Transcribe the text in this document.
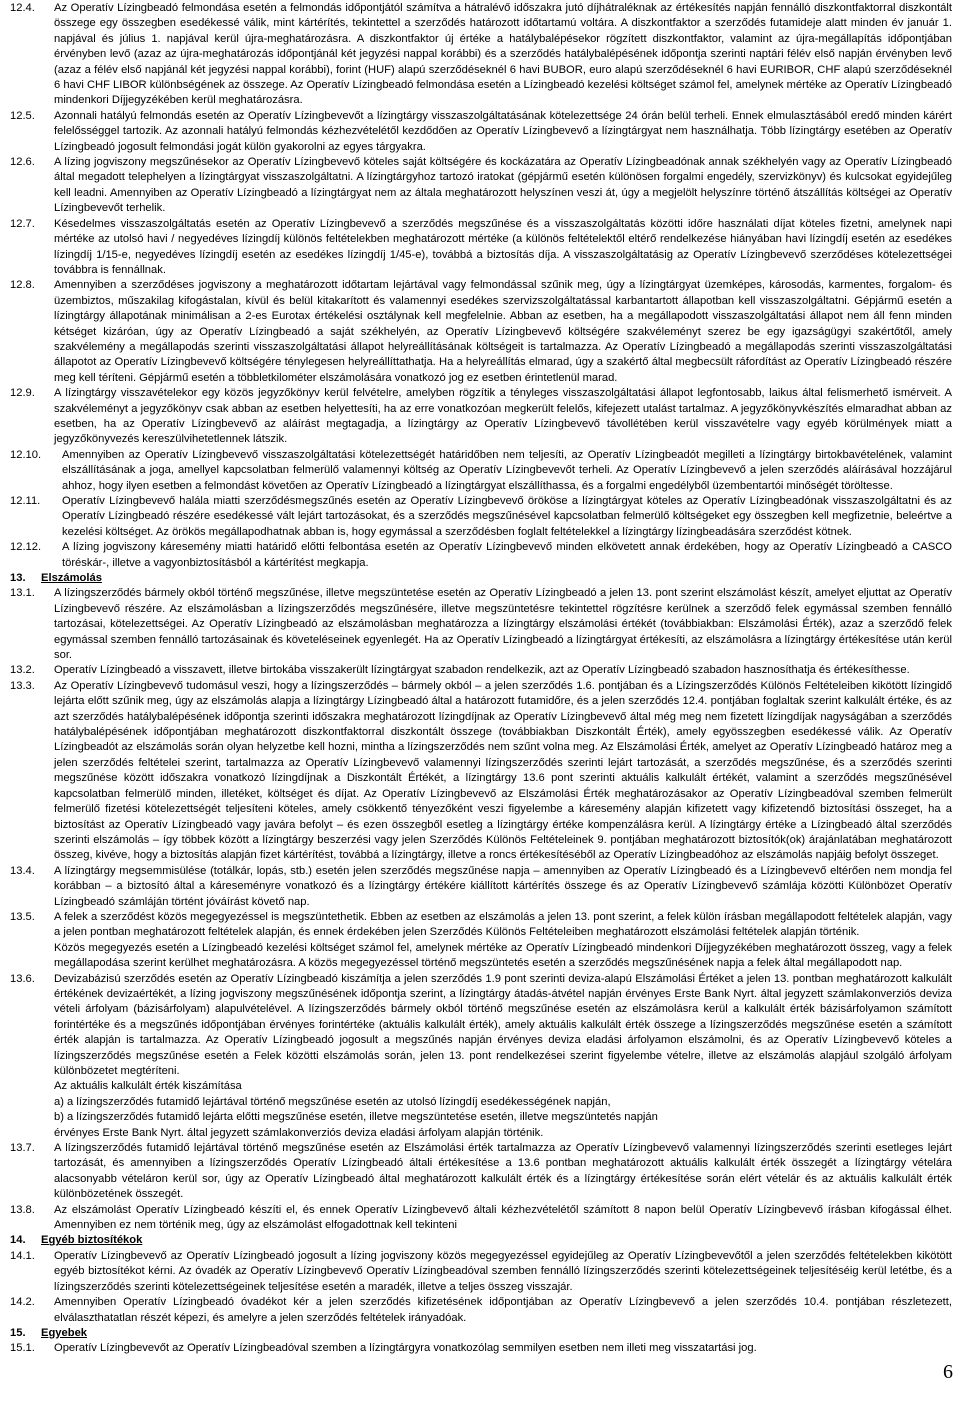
12.4. Az Operatív Lízingbeadó felmondása esetén a felmondás időpontjától számítva a hátralévő időszakra jutó díjhátraléknak az értékesítés napján fennálló diszkontfaktorral diszkontált összege egy összegben esedékessé válik, mint kártérítés, tekintettel a szerződés határozott időtartamú voltára. A diszkontfaktor a szerződés futamideje alatt minden év január 1. napjával és július 1. napjával kerül újra-meghatározásra. A diszkontfaktor új értéke a hatálybalépésekor rögzített diszkontfaktor, valamint az újra-megállapítás időpontjában érvényben levő (azaz az újra-meghatározás időpontjánál két jegyzési nappal korábbi) és a szerződés hatálybalépésének időpontja szerinti naptári félév első napján érvényben levő (azaz a félév első napjánál két jegyzési nappal korábbi), forint (HUF) alapú szerződéseknél 6 havi BUBOR, euro alapú szerződéseknél 6 havi EURIBOR, CHF alapú szerződéseknél 6 havi CHF LIBOR különbségének az összege. Az Operatív Lízingbeadó felmondása esetén a Lízingbeadó kezelési költséget számol fel, amelynek mértéke az Operatív Lízingbeadó mindenkori Díjjegyzékében kerül meghatározásra.
12.5. Azonnali hatályú felmondás esetén az Operatív Lízingbevevőt a lízingtárgy visszaszolgáltatásának kötelezettsége 24 órán belül terheli. Ennek elmulasztásából eredő minden kárért felelősséggel tartozik. Az azonnali hatályú felmondás kézhezvételétől kezdődően az Operatív Lízingbevevő a lízingtárgyat nem használhatja. Több lízingtárgy esetében az Operatív Lízingbeadó jogosult felmondási jogát külön gyakorolni az egyes tárgyakra.
12.6. A lízing jogviszony megszűnésekor az Operatív Lízingbevevő köteles saját költségére és kockázatára az Operatív Lízingbeadónak annak székhelyén vagy az Operatív Lízingbeadó által megadott telephelyen a lízingtárgyat visszaszolgáltatni. A lízingtárgyhoz tartozó iratokat (gépjármű esetén különösen forgalmi engedély, szervizkönyv) és kulcsokat egyidejűleg kell leadni. Amennyiben az Operatív Lízingbeadó a lízingtárgyat nem az általa meghatározott helyszínen veszi át, úgy a megjelölt helyszínre történő átszállítás költségei az Operatív Lízingbevevőt terhelik.
12.7. Késedelmes visszaszolgáltatás esetén az Operatív Lízingbevevő a szerződés megszűnése és a visszaszolgáltatás közötti időre használati díjat köteles fizetni, amelynek napi mértéke az utolsó havi / negyedéves lízingdíj különös feltételekben meghatározott mértéke (a különös feltételektől eltérő rendelkezése hiányában havi lízingdíj esetén az esedékes lízingdíj 1/15-e, negyedéves lízingdíj esetén az esedékes lízingdíj 1/45-e), továbbá a biztosítás díja. A visszaszolgáltatásig az Operatív Lízingbevevő szerződéses kötelezettségei továbbra is fennállnak.
12.8. Amennyiben a szerződéses jogviszony a meghatározott időtartam lejártával vagy felmondással szűnik meg, úgy a lízingtárgyat üzemképes, károsodás, karmentes, forgalom- és üzembiztos, műszakilag kifogástalan, kívül és belül kitakarított és valamennyi esedékes szervizszolgáltatással karbantartott állapotban kell visszaszolgáltatni. Gépjármű esetén a lízingtárgy állapotának minimálisan a 2-es Eurotax értékelési osztálynak kell megfelelnie. Abban az esetben, ha a megállapodott visszaszolgáltatási állapot nem áll fenn minden kétséget kizáróan, úgy az Operatív Lízingbeadó a saját székhelyén, az Operatív Lízingbevevő költségére szakvéleményt szerez be egy igazságügyi szakértőtől, amely szakvélemény a megállapodás szerinti visszaszolgáltatási állapot helyreállításának költségeit is tartalmazza. Az Operatív Lízingbeadó a megállapodás szerinti visszaszolgáltatási állapotot az Operatív Lízingbevevő költségére ténylegesen helyreállíttathatja. Ha a helyreállítás elmarad, úgy a szakértő által megbecsült ráfordítást az Operatív Lízingbeadó részére meg kell téríteni. Gépjármű esetén a többletkilométer elszámolására vonatkozó jog ez esetben érintetlenül marad.
12.9. A lízingtárgy visszavételekor egy közös jegyzőkönyv kerül felvételre, amelyben rögzítik a tényleges visszaszolgáltatási állapot legfontosabb, laikus által felismerhető ismérveit. A szakvéleményt a jegyzőkönyv csak abban az esetben helyettesíti, ha az erre vonatkozóan megkerült felelős, kifejezett utalást tartalmaz. A jegyzőkönyvkészítés elmaradhat abban az esetben, ha az Operatív Lízingbevevő az aláírást megtagadja, a lízingtárgy az Operatív Lízingbevevő távollétében kerül visszavételre vagy egyéb körülmények miatt a jegyzőkönyvezés kereszülvihetetlennek látszik.
12.10. Amennyiben az Operatív Lízingbevevő visszaszolgáltatási kötelezettségét határidőben nem teljesíti, az Operatív Lízingbeadót megilleti a lízingtárgy birtokbavételének, valamint elszállításának a joga, amellyel kapcsolatban felmerülő valamennyi költség az Operatív Lízingbevevőt terheli. Az Operatív Lízingbevevő a jelen szerződés aláírásával hozzájárul ahhoz, hogy ilyen esetben a felmondást követően az Operatív Lízingbeadó a lízingtárgyat elszállíthassa, és a forgalmi engedélyből üzembentartói minőségét töröltesse.
12.11. Operatív Lízingbevevő halála miatti szerződésmegszűnés esetén az Operatív Lízingbevevő örököse a lízingtárgyat köteles az Operatív Lízingbeadónak visszaszolgáltatni és az Operatív Lízingbeadó részére esedékessé vált lejárt tartozásokat, és a szerződés megszűnésével kapcsolatban felmerülő költségeket egy összegben kell megfizetnie, beleértve a kezelési költséget. Az örökös megállapodhatnak abban is, hogy egymással a szerződésben foglalt feltételekkel a lízingtárgy lízingbeadására szerződést kötnek.
12.12. A lízing jogviszony káresemény miatti határidő előtti felbontása esetén az Operatív Lízingbevevő minden elkövetett annak érdekében, hogy az Operatív Lízingbeadó a CASCO töréskár-, illetve a vagyonbiztosításból a kártérítést megkapja.
13. Elszámolás
13.1. A lízingszerződés bármely okból történő megszűnése, illetve megszüntetése esetén az Operatív Lízingbeadó a jelen 13. pont szerint elszámolást készít, amelyet eljuttat az Operatív Lízingbevevő részére. Az elszámolásban a lízingszerződés megszűnésére, illetve megszüntetésre tekintettel rögzítésre kerülnek a szerződő felek egymással szemben fennálló tartozásai, kötelezettségei. Az Operatív Lízingbeadó az elszámolásban meghatározza a lízingtárgy elszámolási értékét (továbbiakban: Elszámolási Érték), azaz a szerződő felek egymással szemben fennálló tartozásainak és követeléseinek egyenlegét. Ha az Operatív Lízingbeadó a lízingtárgyat értékesíti, az elszámolásra a lízingtárgy értékesítése után kerül sor.
13.2. Operatív Lízingbeadó a visszavett, illetve birtokába visszakerült lízingtárgyat szabadon rendelkezik, azt az Operatív Lízingbeadó szabadon hasznosíthatja és értékesíthesse.
13.3. Az Operatív Lízingbevevő tudomásul veszi, hogy a lízingszerződés – bármely okból – a jelen szerződés 1.6. pontjában és a Lízingszerződés Különös Feltételeiben kikötött lízingidő lejárta előtt szűnik meg, úgy az elszámolás alapja a lízingtárgy Lízingbeadó által a határozott futamidőre, és a jelen szerződés 12.4. pontjában foglaltak szerint kalkulált értéke, és az azt szerződés hatálybalépésének időpontja szerinti időszakra meghatározott lízingdíjnak az Operatív Lízingbevevő által még meg nem fizetett lízingdíjak nagyságában a szerződés hatálybalépésének időpontjában meghatározott diszkontfaktorral diszkontált összege (továbbiakban Diszkontált Érték), amely egyösszegben esedékessé válik. Az Operatív Lízingbeadót az elszámolás során olyan helyzetbe kell hozni, mintha a lízingszerződés nem szűnt volna meg. Az Elszámolási Érték, amelyet az Operatív Lízingbeadó határoz meg a jelen szerződés feltételei szerint, tartalmazza az Operatív Lízingbevevő valamennyi lízingszerződés szerinti lejárt tartozását, a szerződés megszűnése, és a szerződés szerinti megszűnése között időszakra vonatkozó lízingdíjnak a Diszkontált Értékét, a lízingtárgy 13.6 pont szerinti aktuális kalkulált értékét, valamint a szerződés megszűnésével kapcsolatban felmerülő minden, illetéket, költséget és díjat. Az Operatív Lízingbevevő az Elszámolási Érték meghatározásakor az Operatív Lízingbeadóval szemben felmerült felmerülő fizetési kötelezettségét teljesíteni köteles, amely csökkentő tényezőként veszi figyelembe a káresemény alapján kifizetett vagy kifizetendő biztosítási összeget, ha a biztosítást az Operatív Lízingbeadó vagy javára befolyt – és ezen összegből esetleg a lízingtárgy értéke kompenzálásra kerül. A lízingtárgy értéke a Lízingbeadó által szerződés szerinti elszámolás – így többek között a lízingtárgy beszerzési vagy jelen Szerződés Különös Feltételeinek 9. pontjában meghatározott biztosítók(ok) árajánlatában meghatározott összeg, kivéve, hogy a biztosítás alapján fizet kártérítést, továbbá a lízingtárgy, illetve a roncs értékesítéséből az Operatív Lízingbeadóhoz az elszámolás napjáig befolyt összeget.
13.4. A lízingtárgy megsemmisülése (totálkár, lopás, stb.) esetén jelen szerződés megszűnése napja – amennyiben az Operatív Lízingbeadó és a Lízingbevevő eltérően nem mondja fel korábban – a biztosító által a káreseményre vonatkozó és a lízingtárgy értékére kiállított kártérítés összege és az Operatív Lízingbevevő számlája közötti Különbözet Operatív Lízingbeadó számláján történt jóváírást követő nap.
13.5. A felek a szerződést közös megegyezéssel is megszüntethetik. Ebben az esetben az elszámolás a jelen 13. pont szerint, a felek külön írásban megállapodott feltételek alapján, vagy a jelen pontban meghatározott feltételek alapján, és ennek érdekében jelen Szerződés Különös Feltételeiben meghatározott elszámolási feltételek alapján történik.
Közös megegyezés esetén a Lízingbeadó kezelési költséget számol fel, amelynek mértéke az Operatív Lízingbeadó mindenkori Díjjegyzékében meghatározott összeg, vagy a felek megállapodása szerint kerülhet meghatározásra. A közös megegyezéssel történő megszüntetés esetén a szerződés megszűnésének napja a felek által megállapodott nap.
13.6. Devizabázisú szerződés esetén az Operatív Lízingbeadó kiszámítja a jelen szerződés 1.9 pont szerinti deviza-alapú Elszámolási Értéket a jelen 13. pontban meghatározott kalkulált értékének devizaértékét, a lízing jogviszony megszűnésének időpontja szerint, a lízingtárgy átadás-átvétel napján érvényes Erste Bank Nyrt. által jegyzett számlakonverziós deviza vételi árfolyam (bázisárfolyam) alapulvételével. A lízingszerződés bármely okból történő megszűnése esetén az elszámolásra kerül a kalkulált érték bázisárfolyamon számított forintértéke és a megszűnés időpontjában érvényes forintértéke (aktuális kalkulált érték), amely aktuális kalkulált érték összege a lízingszerződés megszűnése esetén a számított érték alapján is tartalmazza. Az Operatív Lízingbeadó jogosult a megszűnés napján érvényes deviza eladási árfolyamon elszámolni, és az Operatív Lízingbevevő köteles a lízingszerződés megszűnése esetén a Felek közötti elszámolás során, jelen 13. pont rendelkezései szerint figyelembe vételre, illetve az elszámolás alapjául szolgáló árfolyam különbözetet megtéríteni.
Az aktuális kalkulált érték kiszámítása
a) a lízingszerződés futamidő lejártával történő megszűnése esetén az utolsó lízingdíj esedékességének napján,
b) a lízingszerződés futamidő lejárta előtti megszűnése esetén, illetve megszüntetése esetén, illetve megszüntetés napján
érvényes Erste Bank Nyrt. által jegyzett számlakonverziós deviza eladási árfolyam alapján történik.
13.7. A lízingszerződés futamidő lejártával történő megszűnése esetén az Elszámolási érték tartalmazza az Operatív Lízingbevevő valamennyi lízingszerződés szerinti esetleges lejárt tartozását, és amennyiben a lízingszerződés Operatív Lízingbeadó általi értékesítése a 13.6 pontban meghatározott aktuális kalkulált érték összegét a lízingtárgy vételára alacsonyabb vételáron kerül sor, úgy az Operatív Lízingbeadó által meghatározott kalkulált érték és a lízingtárgy értékesítése során elért vételár és az aktuális kalkulált érték különbözetének összegét.
13.8. Az elszámolást Operatív Lízingbeadó készíti el, és ennek Operatív Lízingbevevő általi kézhezvételétől számított 8 napon belül Operatív Lízingbevevő írásban kifogással élhet. Amennyiben ez nem történik meg, úgy az elszámolást elfogadottnak kell tekinteni
14. Egyéb biztosítékok
14.1. Operatív Lízingbevevő az Operatív Lízingbeadó jogosult a lízing jogviszony közös megegyezéssel egyidejűleg az Operatív Lízingbevevőtől a jelen szerződés feltételekben kikötött egyéb biztosítékot kérni. Az óvadék az Operatív Lízingbevevő Operatív Lízingbeadóval szemben fennálló lízingszerződés szerinti kötelezettségeinek teljesítéséig kerül letétbe, és a lízingszerződés szerinti kötelezettségeinek teljesítése esetén a maradék, illetve a teljes összeg visszajár.
14.2. Amennyiben Operatív Lízingbeadó óvadékot kér a jelen szerződés kifizetésének időpontjában az Operatív Lízingbevevő a jelen szerződés 10.4. pontjában részletezett, elválaszthatatlan részét képezi, és amelyre a jelen szerződés feltételek irányadóak.
15. Egyebek
15.1. Operatív Lízingbevevőt az Operatív Lízingbeadóval szemben a lízingtárgyra vonatkozólag semmilyen esetben nem illeti meg visszatartási jog.
6
